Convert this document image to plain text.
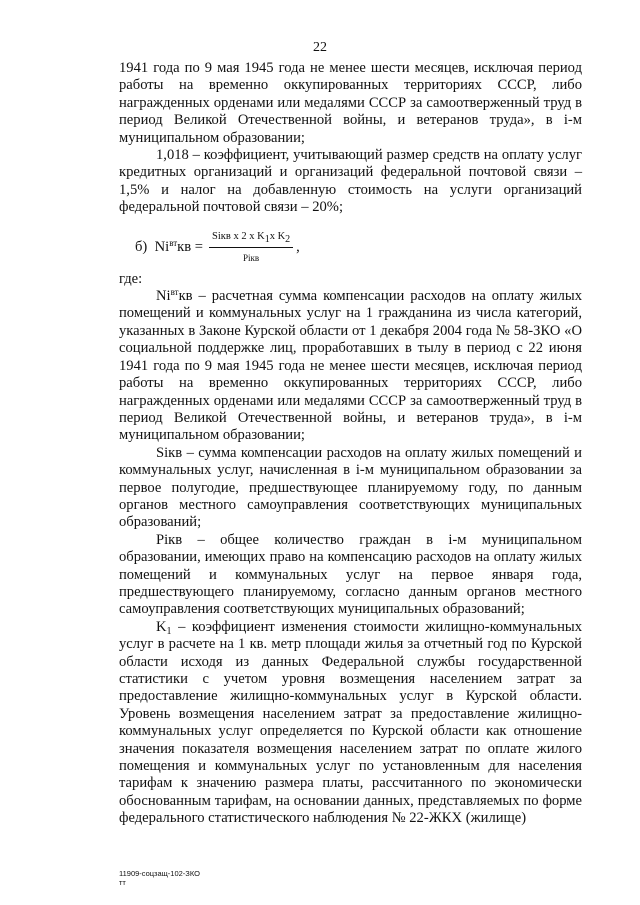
22

1941 года по 9 мая 1945 года не менее шести месяцев, исключая период работы на временно оккупированных территориях СССР, либо награжденных орденами или медалями СССР за самоотверженный труд в период Великой Отечественной войны, и ветеранов труда», в i-м муниципальном образовании;

1,018 – коэффициент, учитывающий размер средств на оплату услуг кредитных организаций и организаций федеральной почтовой связи – 1,5% и налог на добавленную стоимость на услуги организаций федеральной почтовой связи – 20%;

б) $Ni^{вт}кв = \frac{Siкв x 2 x K_1x K_2}{\text{Piкв}}$ ,

где:

$Ni^{вт}кв$ – расчетная сумма компенсации расходов на оплату жилых помещений и коммунальных услуг на 1 гражданина из числа категорий, указанных в Законе Курской области от 1 декабря 2004 года № 58-ЗКО «О социальной поддержке лиц, проработавших в тылу в период с 22 июня 1941 года по 9 мая 1945 года не менее шести месяцев, исключая период работы на временно оккупированных территориях СССР, либо награжденных орденами или медалями СССР за самоотверженный труд в период Великой Отечественной войны, и ветеранов труда», в i-м муниципальном образовании;

Siкв – сумма компенсации расходов на оплату жилых помещений и коммунальных услуг, начисленная в i-м муниципальном образовании за первое полугодие, предшествующее планируемому году, по данным органов местного самоуправления соответствующих муниципальных образований;

Piкв – общее количество граждан в i-м муниципальном образовании, имеющих право на компенсацию расходов на оплату жилых помещений и коммунальных услуг на первое января года, предшествующего планируемому, согласно данным органов местного самоуправления соответствующих муниципальных образований;

$K_1$ – коэффициент изменения стоимости жилищно-коммунальных услуг в расчете на 1 кв. метр площади жилья за отчетный год по Курской области исходя из данных Федеральной службы государственной статистики с учетом уровня возмещения населением затрат за предоставление жилищно-коммунальных услуг в Курской области. Уровень возмещения населением затрат за предоставление жилищно-коммунальных услуг определяется по Курской области как отношение значения показателя возмещения населением затрат по оплате жилого помещения и коммунальных услуг по установленным для населения тарифам к значению размера платы, рассчитанного по экономически обоснованным тарифам, на основании данных, представляемых по форме федерального статистического наблюдения № 22-ЖКХ (жилище)

11909-соцзащ-102-ЗКО
тт
